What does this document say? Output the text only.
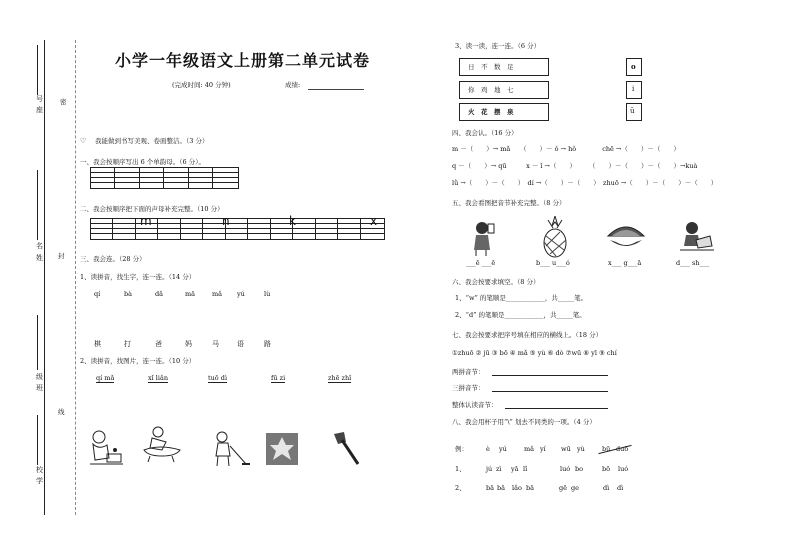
号
座
密
名
姓 封
级
班
线
校
学
小学一年级语文上册第二单元试卷
(完成时间: 40 分钟)	成绩:
♡ 我能做到书写美观、卷面整洁。（3 分）
一、我会按顺序写出 6 个单韵母。（6 分）。
二、我会按顺序把下面的声母补充完整。（10 分）
m	n	k	x
三、我会连。（28 分）
1、读拼音，找生字，连一连。（14 分）
qí	bà	dǎ	mā	mǎ yú	lù
棋	打	爸	妈	马	语	路
2、读拼音，找图片，连一连。（10 分）
qí mǎ	xǐ liǎn	tuō dì	fū zi	zhē zhǐ
3、读一读，连一连。（6 分）
日　不　数　足
你　鸡　地　七
火　花　摆　泉
o
i
ū
四、我会认。（16 分）
m －（　　）→ mǎ　　（　　）－ ǒ → hǒ　　　　chē →（　　）－（　　）
q －（　　）→ qū　　　x － ǐ →（　　）　　　（　　）－（　　）－（　　）→kuà
lǜ →（　　）－（　　）　dí →（　　）－（　　）　zhuō →（　　）－（　　）－（　　）
五、我会看图把音节补充完整。（8 分）
___ē ___ē	b___ u___ó	x___ g___ā	d___ sh___
六、我会按要求填空。（8 分）
1、“w” 的笔顺是____________，共_____笔。
2、“d” 的笔顺是____________，共_____笔。
七、我会按要求把序号填在相应的横线上。（18 分）
①zhuō ② jū ③ bō ④ mǎ ⑤ yù ⑥ dò ⑦wū ⑧ yī ⑨ chí
两拼音节：
三拼音节：
整体认读音节：
八、我会用杯子用“\” 划去不同类的一项。（4 分）
例：	è yú	mǎ yí wū yù	bū duō
1、	jú zì yā lǐ	luó bo	bō luó
2、	bā bā lǎo bā	gē ge	dì dì
